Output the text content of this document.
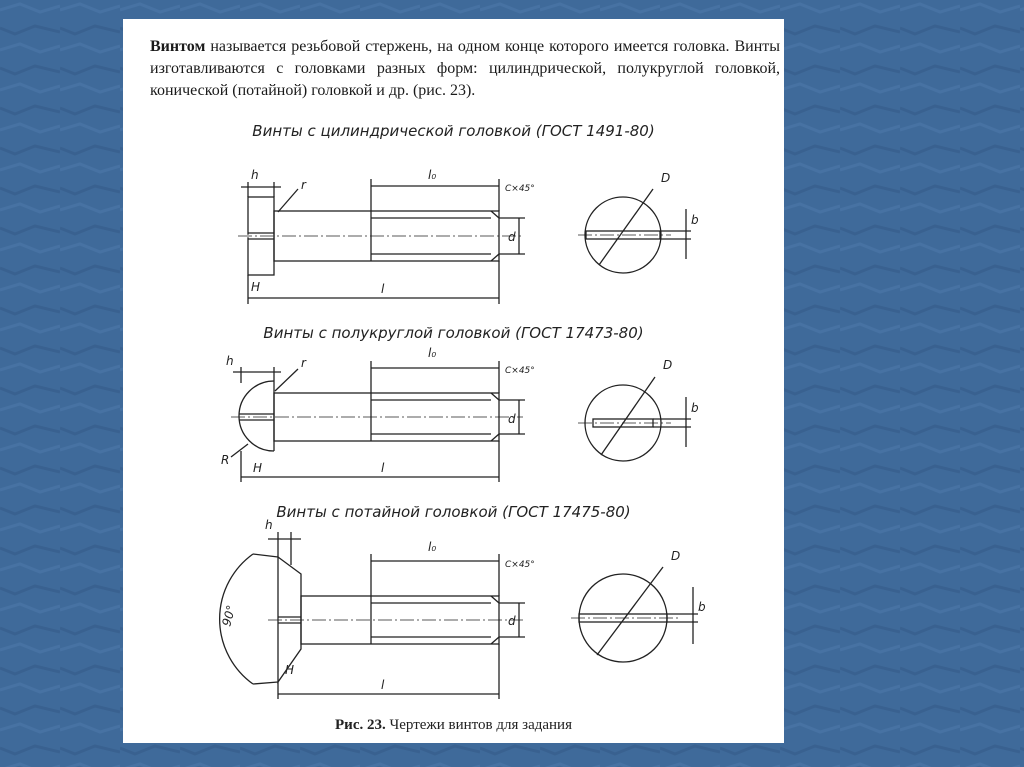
Винтом называется резьбовой стержень, на одном конце которого имеется головка. Винты изготавливаются с головками разных форм: цилиндрической, полукруглой головкой, конической (потайной) головкой и др. (рис. 23).

Винты с цилиндрической головкой (ГОСТ 1491-80)
Винты с полукруглой головкой (ГОСТ 17473-80)
Винты с потайной головкой (ГОСТ 17475-80)
h
r
H	l
l₀
C×45°
d
D
b
h	r
R
H	l
l₀
C×45°
d
D
b
h
90°
H
l
l₀
C×45°
d
D
b
Рис. 23. Чертежи винтов для задания
